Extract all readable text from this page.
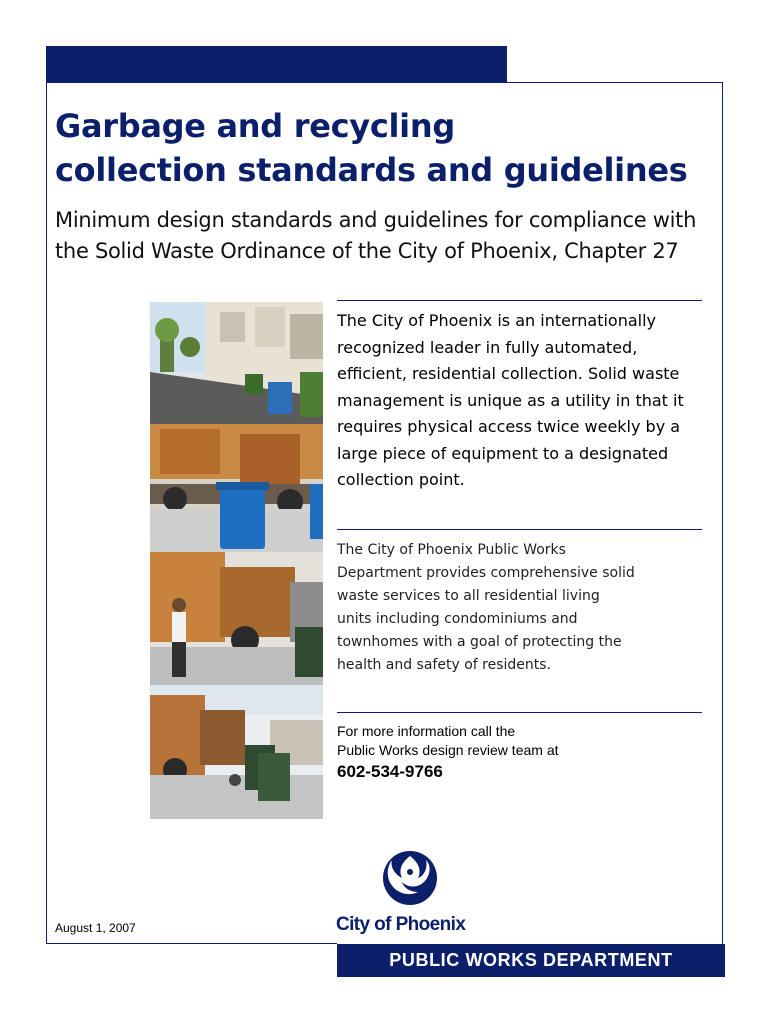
Garbage and recycling
collection standards and guidelines

Minimum design standards and guidelines for compliance with
the Solid Waste Ordinance of the City of Phoenix, Chapter 27

The City of Phoenix is an internationally recognized leader in fully automated, efficient, residential collection. Solid waste management is unique as a utility in that it requires physical access twice weekly by a large piece of equipment to a designated collection point.

The City of Phoenix Public Works Department provides comprehensive solid waste services to all residential living units including condominiums and townhomes with a goal of protecting the health and safety of residents.

For more information call the
Public Works design review team at

602-534-9766
August 1, 2007	City of Phoenix
PUBLIC WORKS DEPARTMENT
